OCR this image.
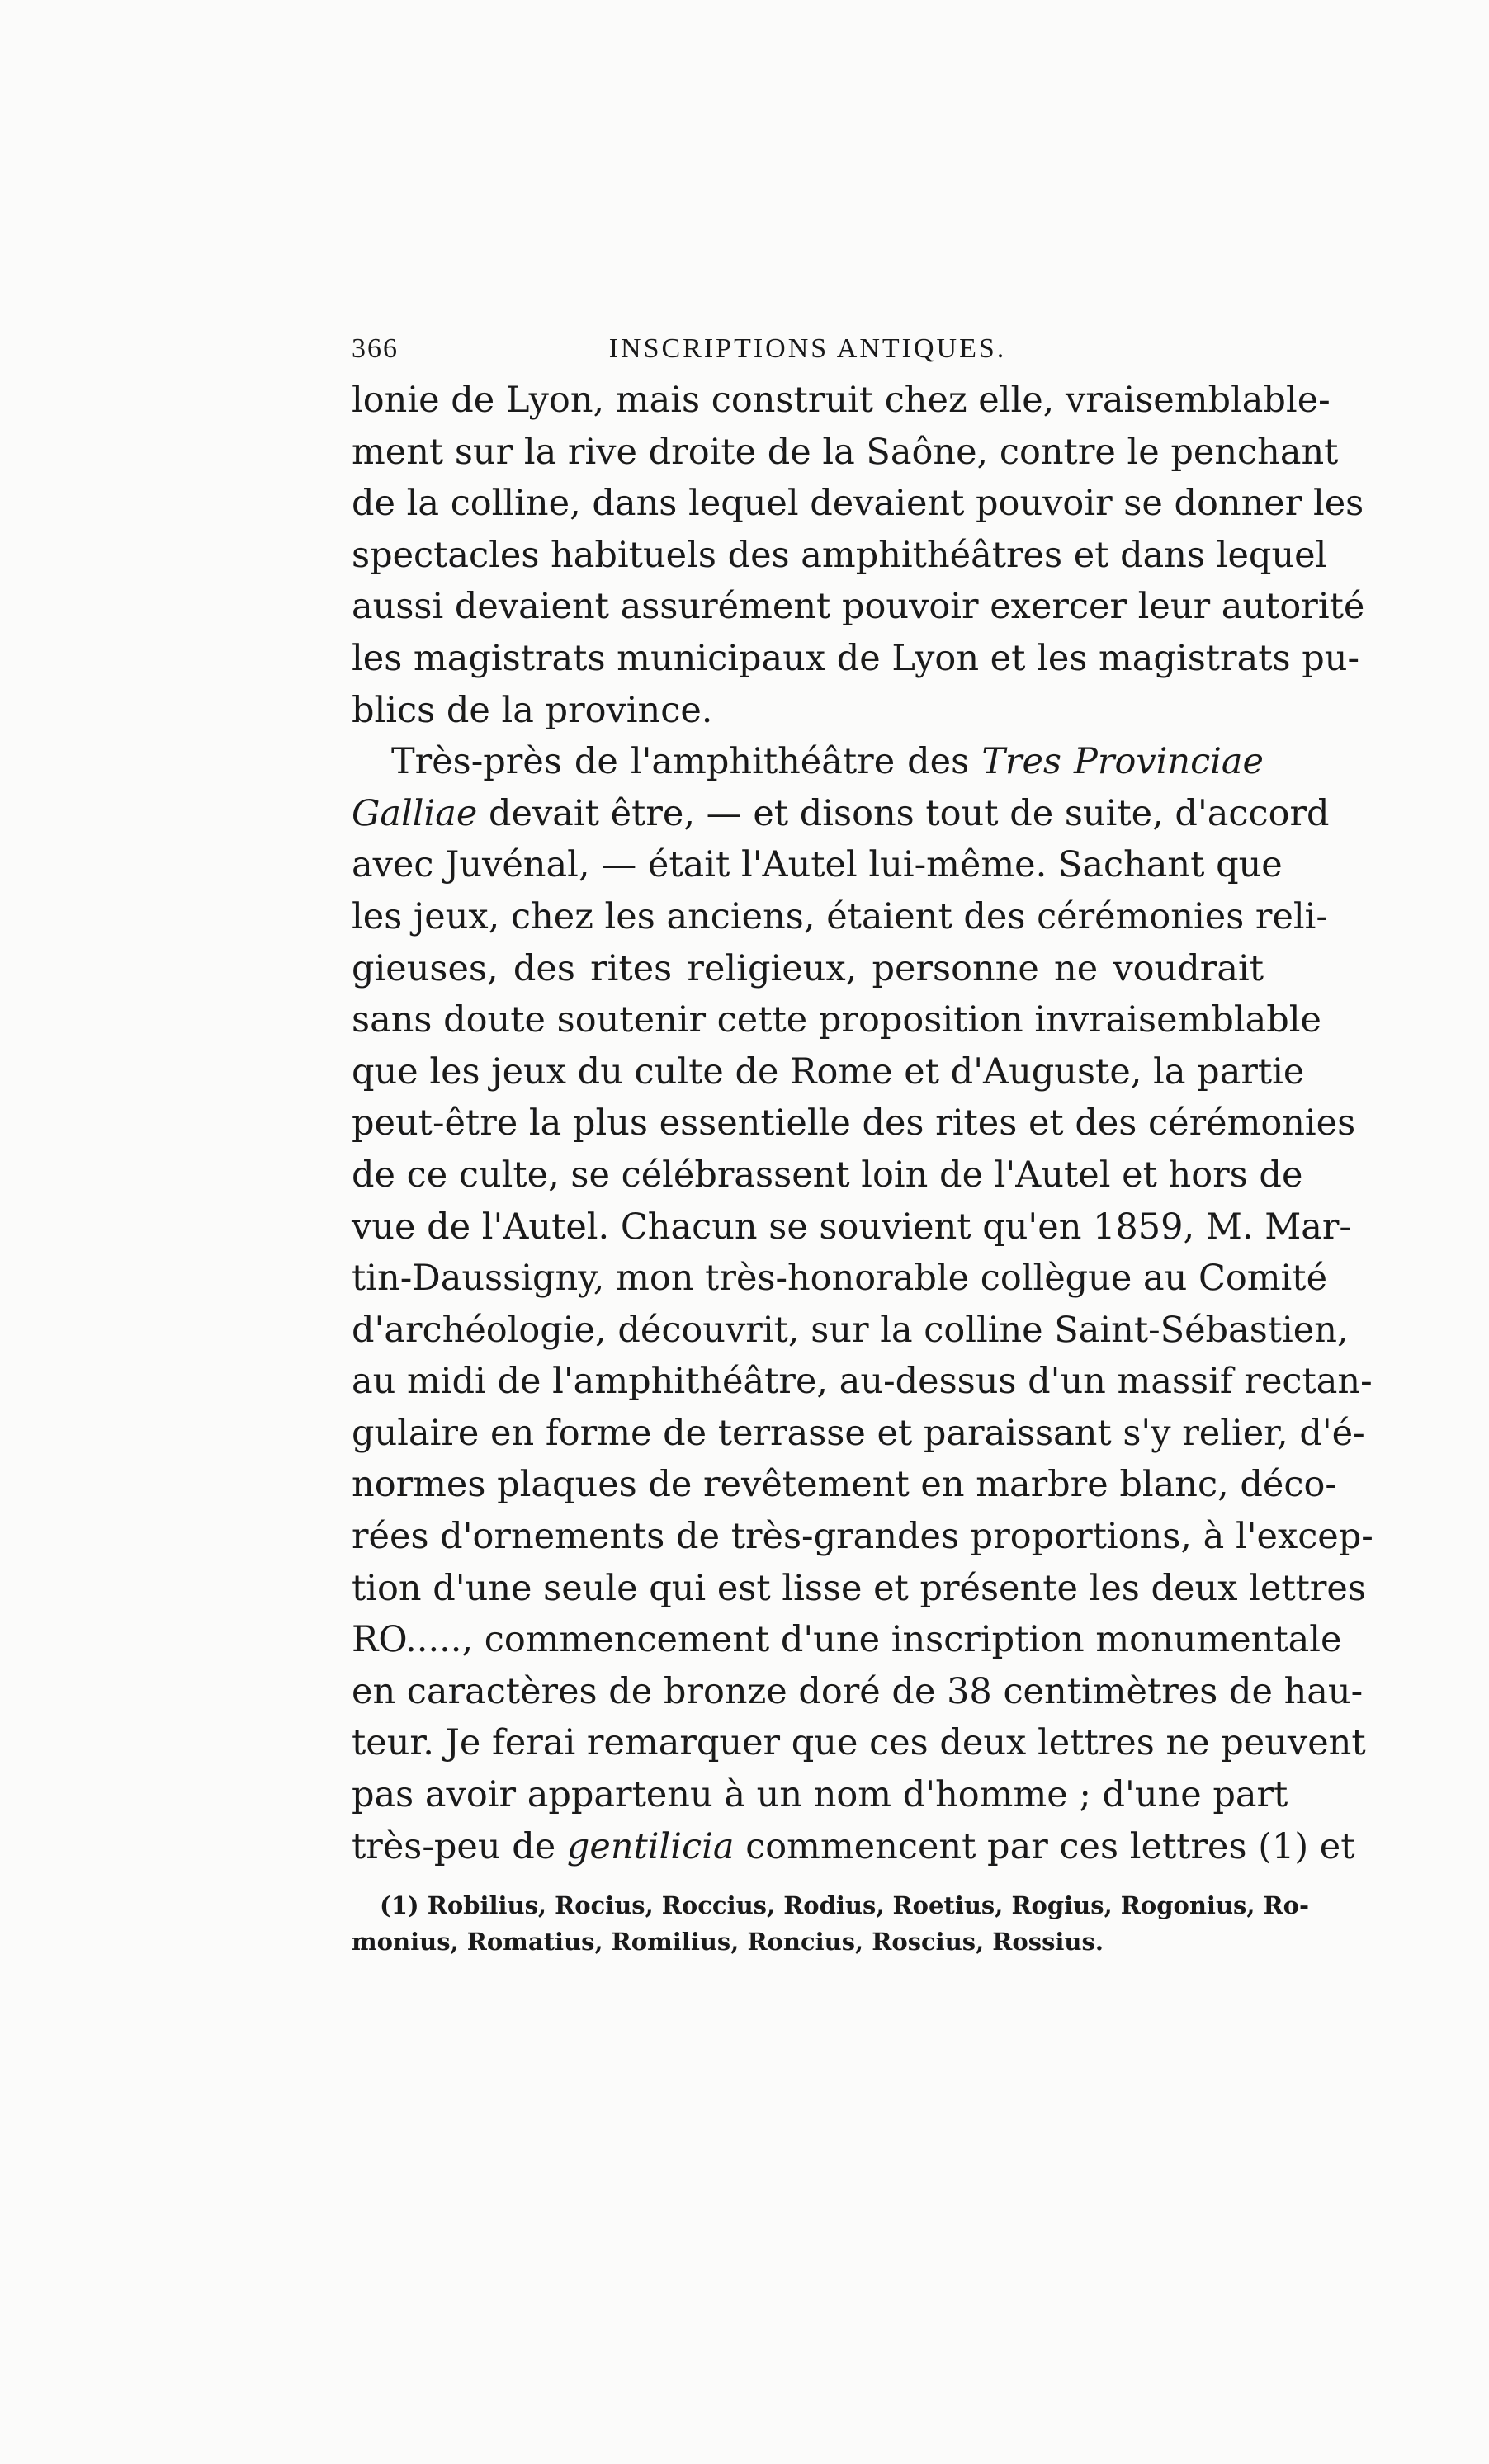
366	INSCRIPTIONS ANTIQUES.
lonie de Lyon, mais construit chez elle, vraisemblable-
ment sur la rive droite de la Saône, contre le penchant
de la colline, dans lequel devaient pouvoir se donner les
spectacles habituels des amphithéâtres et dans lequel
aussi devaient assurément pouvoir exercer leur autorité
les magistrats municipaux de Lyon et les magistrats pu-
blics de la province.
Très-près de l'amphithéâtre des Tres Provinciae
Galliae devait être, — et disons tout de suite, d'accord
avec Juvénal, — était l'Autel lui-même. Sachant que
les jeux, chez les anciens, étaient des cérémonies reli-
gieuses, des rites religieux, personne ne voudrait
sans doute soutenir cette proposition invraisemblable
que les jeux du culte de Rome et d'Auguste, la partie
peut-être la plus essentielle des rites et des cérémonies
de ce culte, se célébrassent loin de l'Autel et hors de
vue de l'Autel. Chacun se souvient qu'en 1859, M. Mar-
tin-Daussigny, mon très-honorable collègue au Comité
d'archéologie, découvrit, sur la colline Saint-Sébastien,
au midi de l'amphithéâtre, au-dessus d'un massif rectan-
gulaire en forme de terrasse et paraissant s'y relier, d'é-
normes plaques de revêtement en marbre blanc, déco-
rées d'ornements de très-grandes proportions, à l'excep-
tion d'une seule qui est lisse et présente les deux lettres
RO....., commencement d'une inscription monumentale
en caractères de bronze doré de 38 centimètres de hau-
teur. Je ferai remarquer que ces deux lettres ne peuvent
pas avoir appartenu à un nom d'homme ; d'une part
très-peu de gentilicia commencent par ces lettres (1) et
(1) Robilius, Rocius, Roccius, Rodius, Roetius, Rogius, Rogonius, Ro-
monius, Romatius, Romilius, Roncius, Roscius, Rossius.
